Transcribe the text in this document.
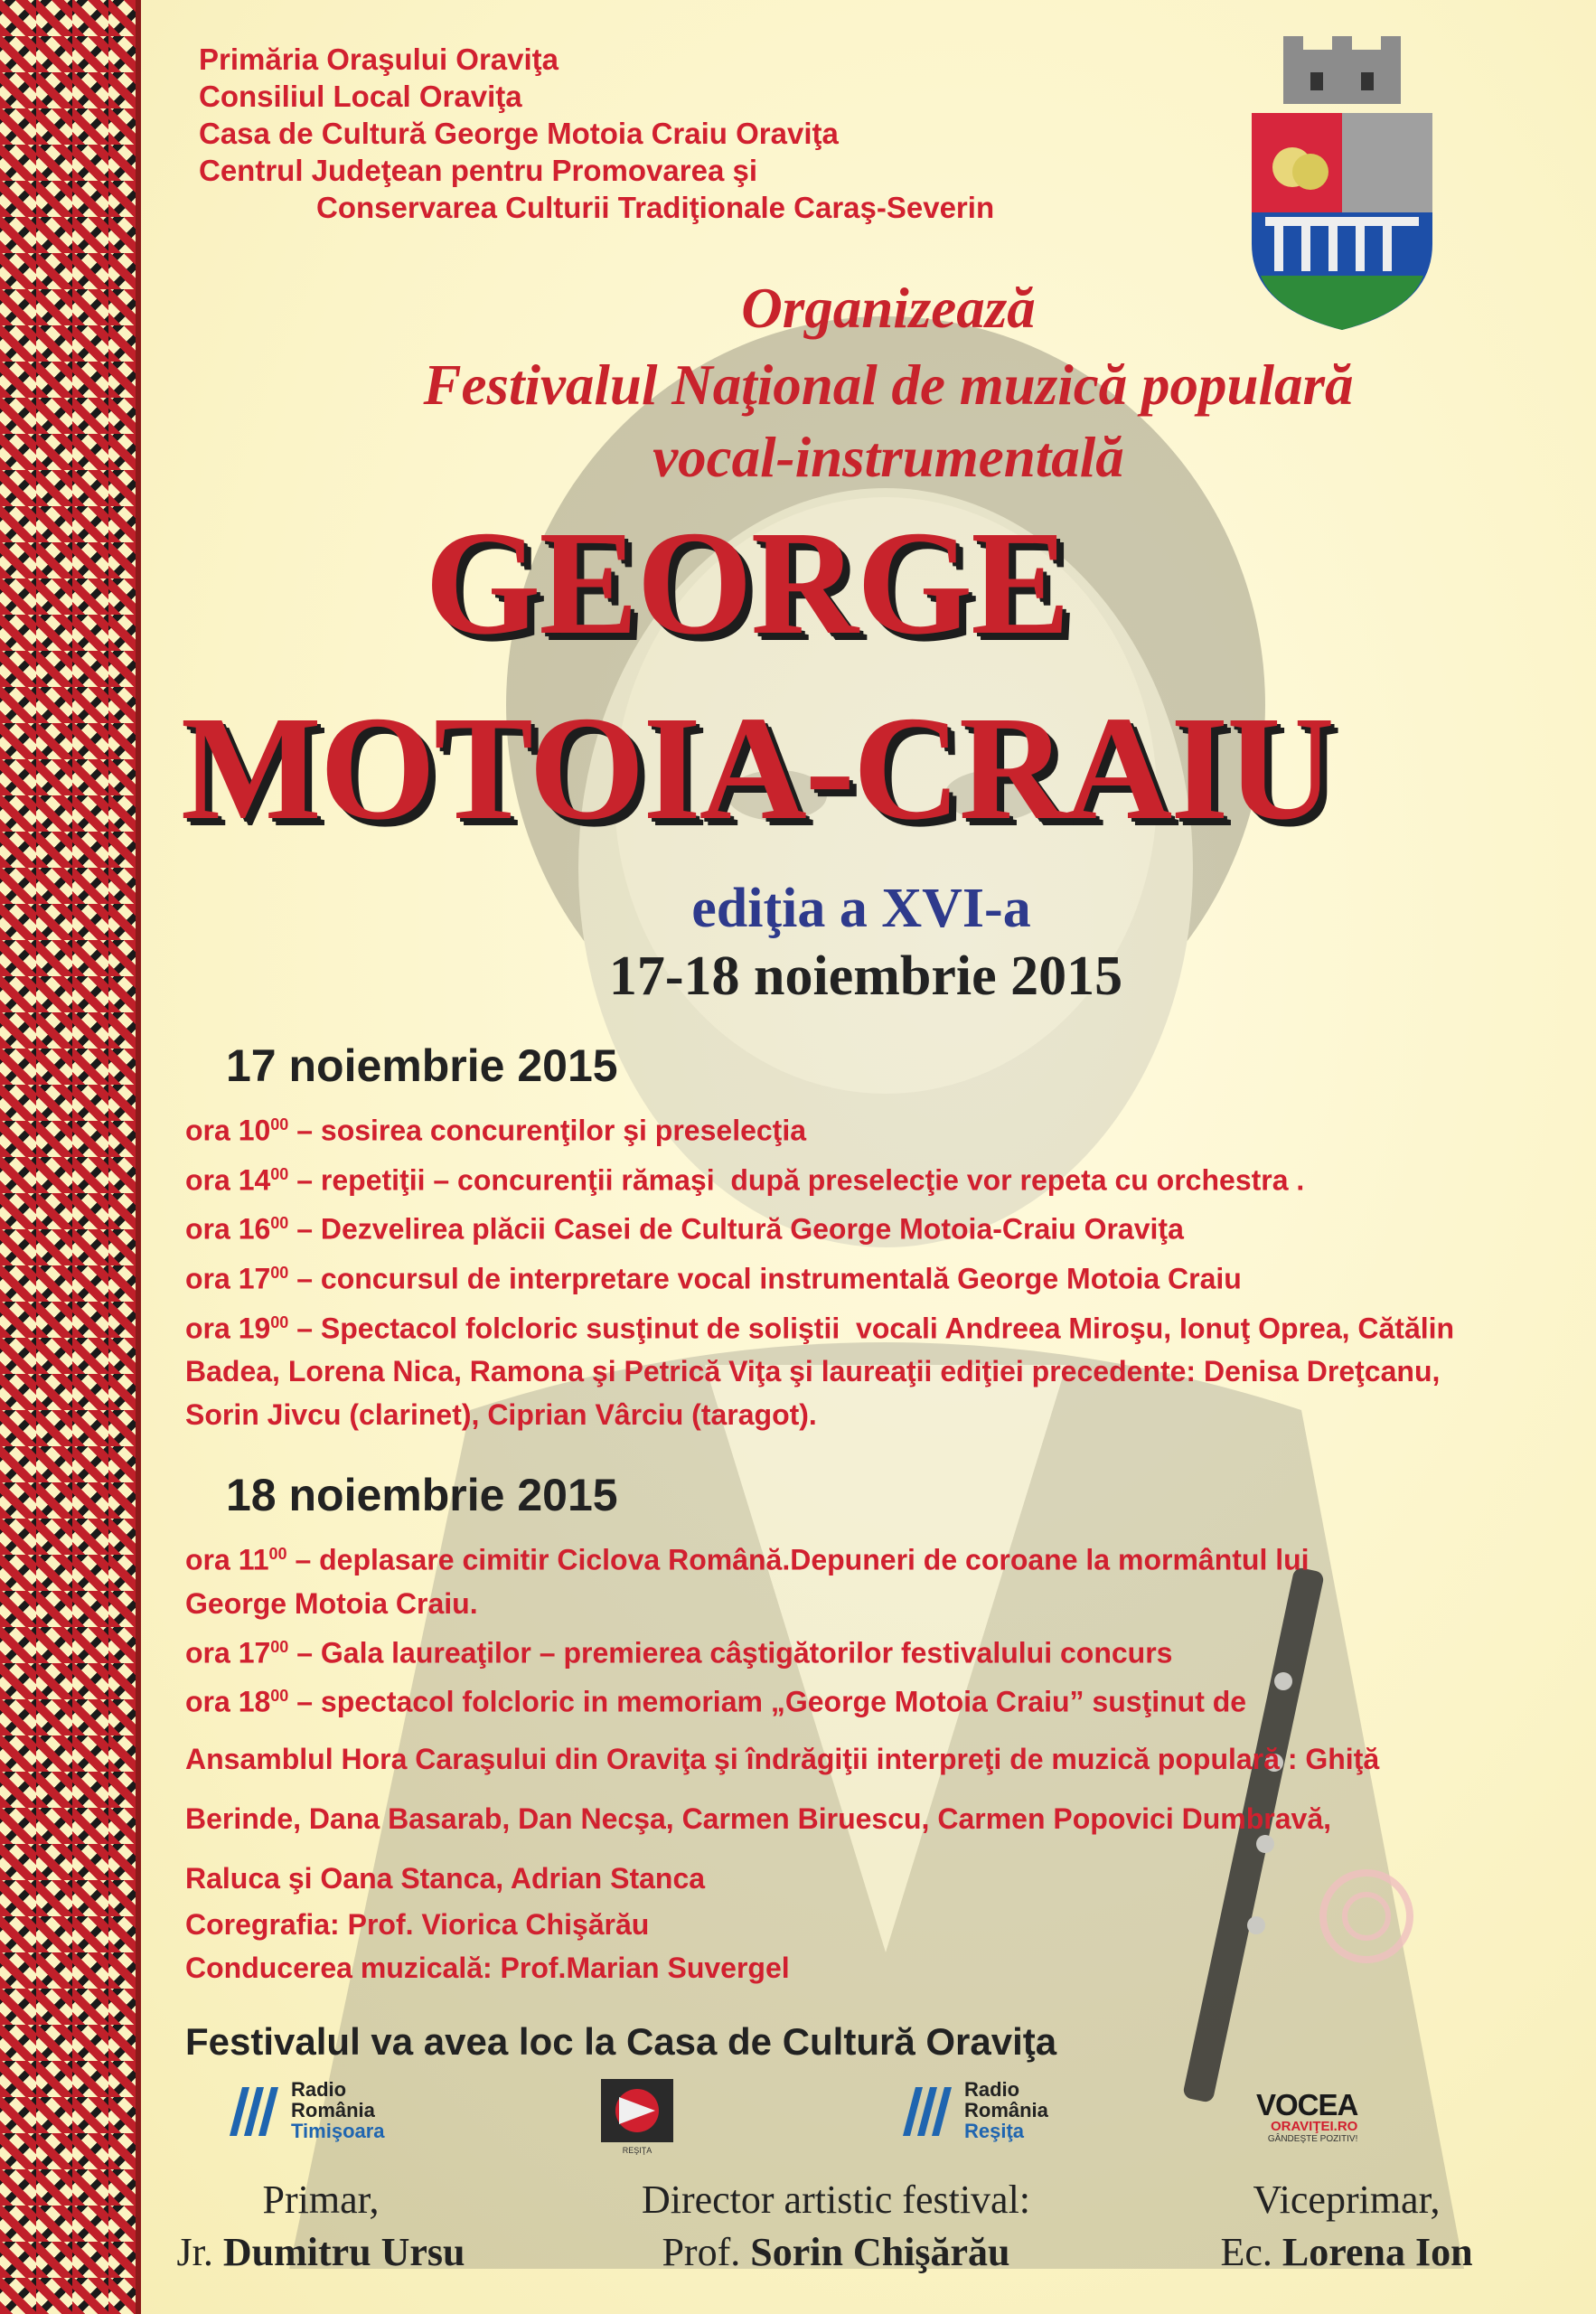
Primăria Oraşului Oraviţa
Consiliul Local Oraviţa
Casa de Cultură George Motoia Craiu Oraviţa
Centrul Judeţean pentru Promovarea şi
Conservarea Culturii Tradiţionale Caraş-Severin
Organizează
Festivalul Naţional de muzică populară
vocal-instrumentală
GEORGE
MOTOIA-CRAIU
ediţia a XVI-a
17-18 noiembrie 2015
17 noiembrie 2015
ora $10^{00}$ – sosirea concurenţilor şi preselecţia
ora $14^{00}$ – repetiţii – concurenţii rămaşi  după preselecţie vor repeta cu orchestra .
ora $16^{00}$ – Dezvelirea plăcii Casei de Cultură George Motoia-Craiu Oraviţa
ora $17^{00}$ – concursul de interpretare vocal instrumentală George Motoia Craiu
ora $19^{00}$ – Spectacol folcloric susţinut de soliştii  vocali Andreea Miroşu, Ionuţ Oprea, Cătălin Badea, Lorena Nica, Ramona şi Petrică Viţa şi laureaţii ediţiei precedente: Denisa Dreţcanu, Sorin Jivcu (clarinet), Ciprian Vârciu (taragot).
18 noiembrie 2015
ora $11^{00}$ – deplasare cimitir Ciclova Română.Depuneri de coroane la mormântul lui George Motoia Craiu.
ora $17^{00}$ – Gala laureaţilor – premierea câştigătorilor festivalului concurs
ora $18^{00}$ – spectacol folcloric in memoriam „George Motoia Craiu” susţinut de
Ansamblul Hora Caraşului din Oraviţa şi îndrăgiţii interpreţi de muzică populară : Ghiţă
Berinde, Dana Basarab, Dan Necşa, Carmen Biruescu, Carmen Popovici Dumbravă,
Raluca şi Oana Stanca, Adrian Stanca
Coregrafia: Prof. Viorica Chişărău
Conducerea muzicală: Prof.Marian Suvergel
Festivalul va avea loc la Casa de Cultură Oraviţa
Radio
România
Timişoara
REŞIŢA
Radio
România
Reşiţa
VOCEA
ORAVIŢEI.RO
GÂNDEŞTE POZITIV!
Primar,
Jr. Dumitru Ursu
Director artistic festival:
Prof. Sorin Chişărău
Viceprimar,
Ec. Lorena Ion
